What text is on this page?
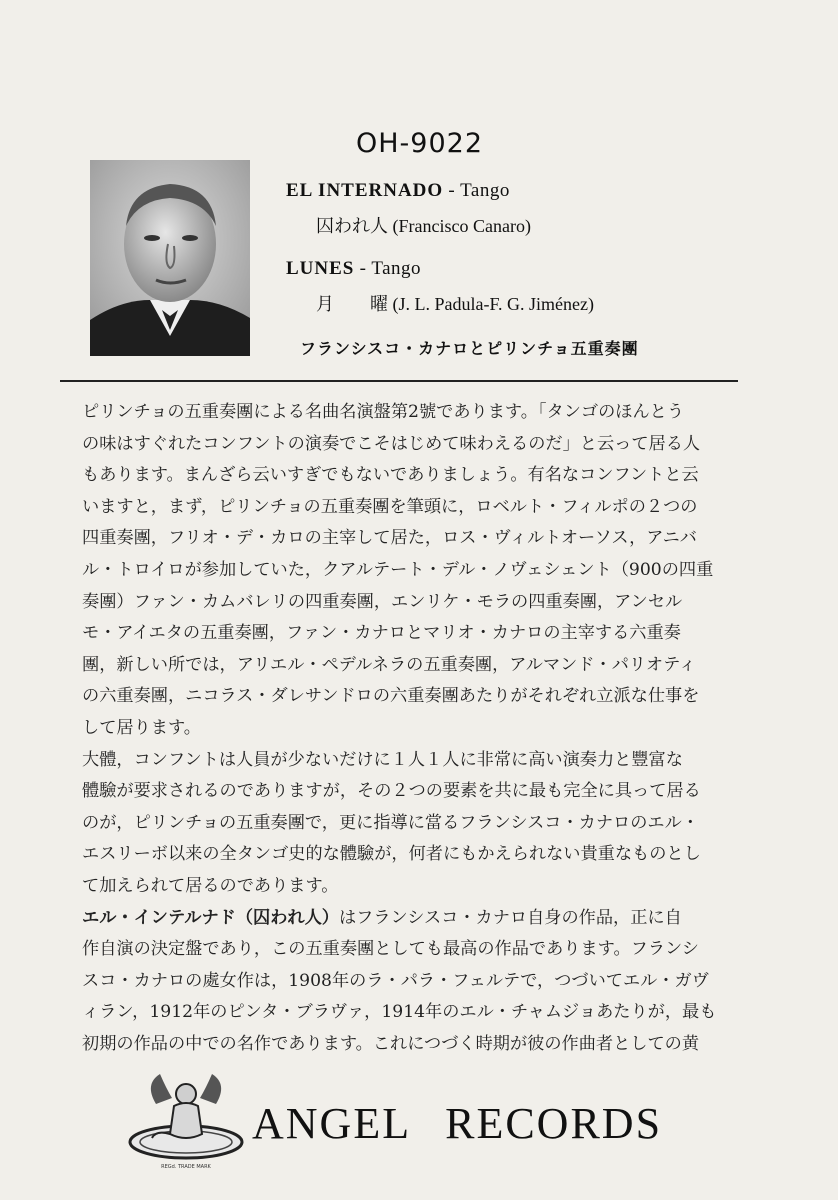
OH-9022
EL INTERNADO - Tango
囚われ人 (Francisco Canaro)
LUNES - Tango
月　　曜 (J. L. Padula-F. G. Jiménez)
フランシスコ・カナロとピリンチョ五重奏團

ピリンチョの五重奏團による名曲名演盤第2號であります。「タンゴのほんとう
の味はすぐれたコンフントの演奏でこそはじめて味わえるのだ」と云って居る人
もあります。まんざら云いすぎでもないでありましょう。有名なコンフントと云
いますと，まず，ピリンチョの五重奏團を筆頭に，ロベルト・フィルポの２つの
四重奏團，フリオ・デ・カロの主宰して居た，ロス・ヴィルトオーソス，アニバ
ル・トロイロが参加していた，クアルテート・デル・ノヴェシェント（900の四重
奏團）ファン・カムバレリの四重奏團，エンリケ・モラの四重奏團，アンセル
モ・アイエタの五重奏團，ファン・カナロとマリオ・カナロの主宰する六重奏
團，新しい所では，アリエル・ペデルネラの五重奏團，アルマンド・パリオティ
の六重奏團，ニコラス・ダレサンドロの六重奏團あたりがそれぞれ立派な仕事を
して居ります。

大體，コンフントは人員が少ないだけに１人１人に非常に高い演奏力と豐富な
體驗が要求されるのでありますが，その２つの要素を共に最も完全に具って居る
のが，ピリンチョの五重奏團で，更に指導に當るフランシスコ・カナロのエル・
エスリーボ以来の全タンゴ史的な體驗が，何者にもかえられない貴重なものとし
て加えられて居るのであります。

エル・インテルナド（囚われ人）はフランシスコ・カナロ自身の作品，正に自
作自演の決定盤であり，この五重奏團としても最高の作品であります。フランシ
スコ・カナロの處女作は，1908年のラ・パラ・フェルテで，つづいてエル・ガヴ
ィラン，1912年のピンタ・ブラヴァ，1914年のエル・チャムジョあたりが，最も
初期の作品の中での名作であります。これにつづく時期が彼の作曲者としての黄

REGd. TRADE MARK
ANGEL RECORDS
